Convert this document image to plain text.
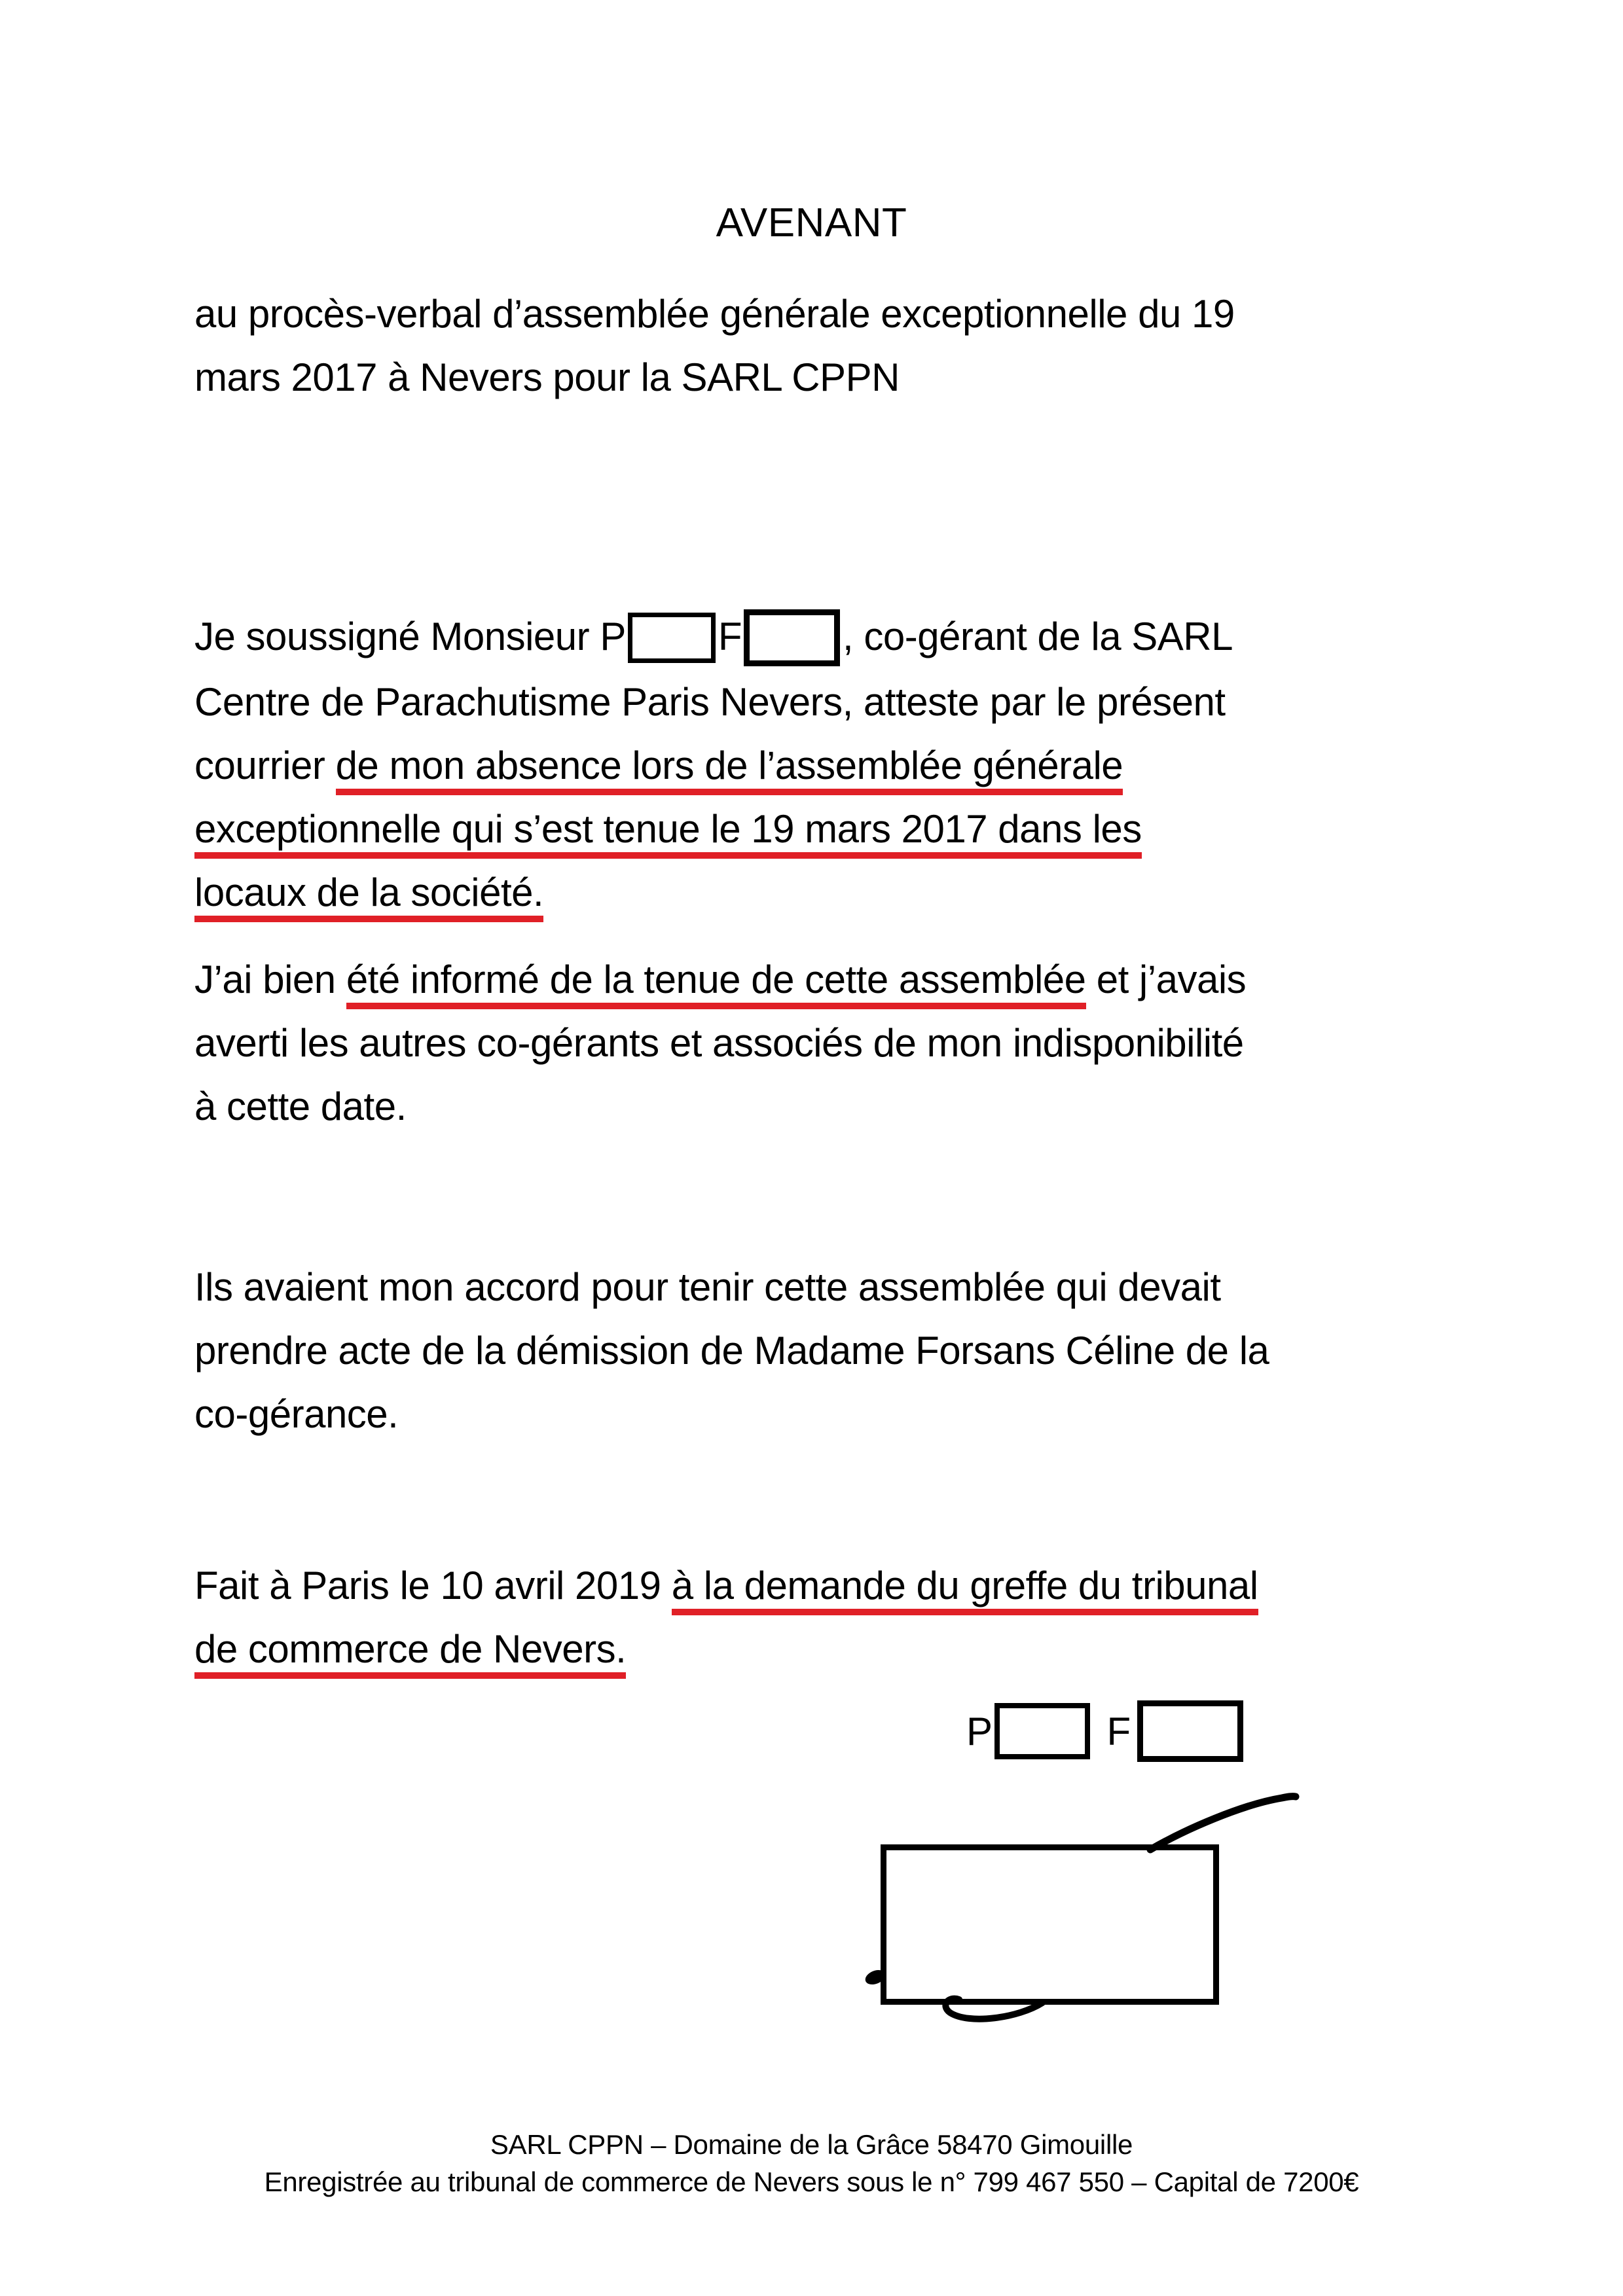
AVENANT
au procès-verbal d’assemblée générale exceptionnelle du 19
mars 2017 à Nevers pour la SARL CPPN
Je soussigné Monsieur P F	, co-gérant de la SARL
Centre de Parachutisme Paris Nevers, atteste par le présent
courrier de mon absence lors de l’assemblée générale
exceptionnelle qui s’est tenue le 19 mars 2017 dans les
locaux de la société.
J’ai bien été informé de la tenue de cette assemblée et j’avais
averti les autres co-gérants et associés de mon indisponibilité
à cette date.
Ils avaient mon accord pour tenir cette assemblée qui devait
prendre acte de la démission de Madame Forsans Céline de la
co-gérance.
Fait à Paris le 10 avril 2019 à la demande du greffe du tribunal
de commerce de Nevers.
P	F
SARL CPPN – Domaine de la Grâce 58470 Gimouille
Enregistrée au tribunal de commerce de Nevers sous le n° 799 467 550 – Capital de 7200€
